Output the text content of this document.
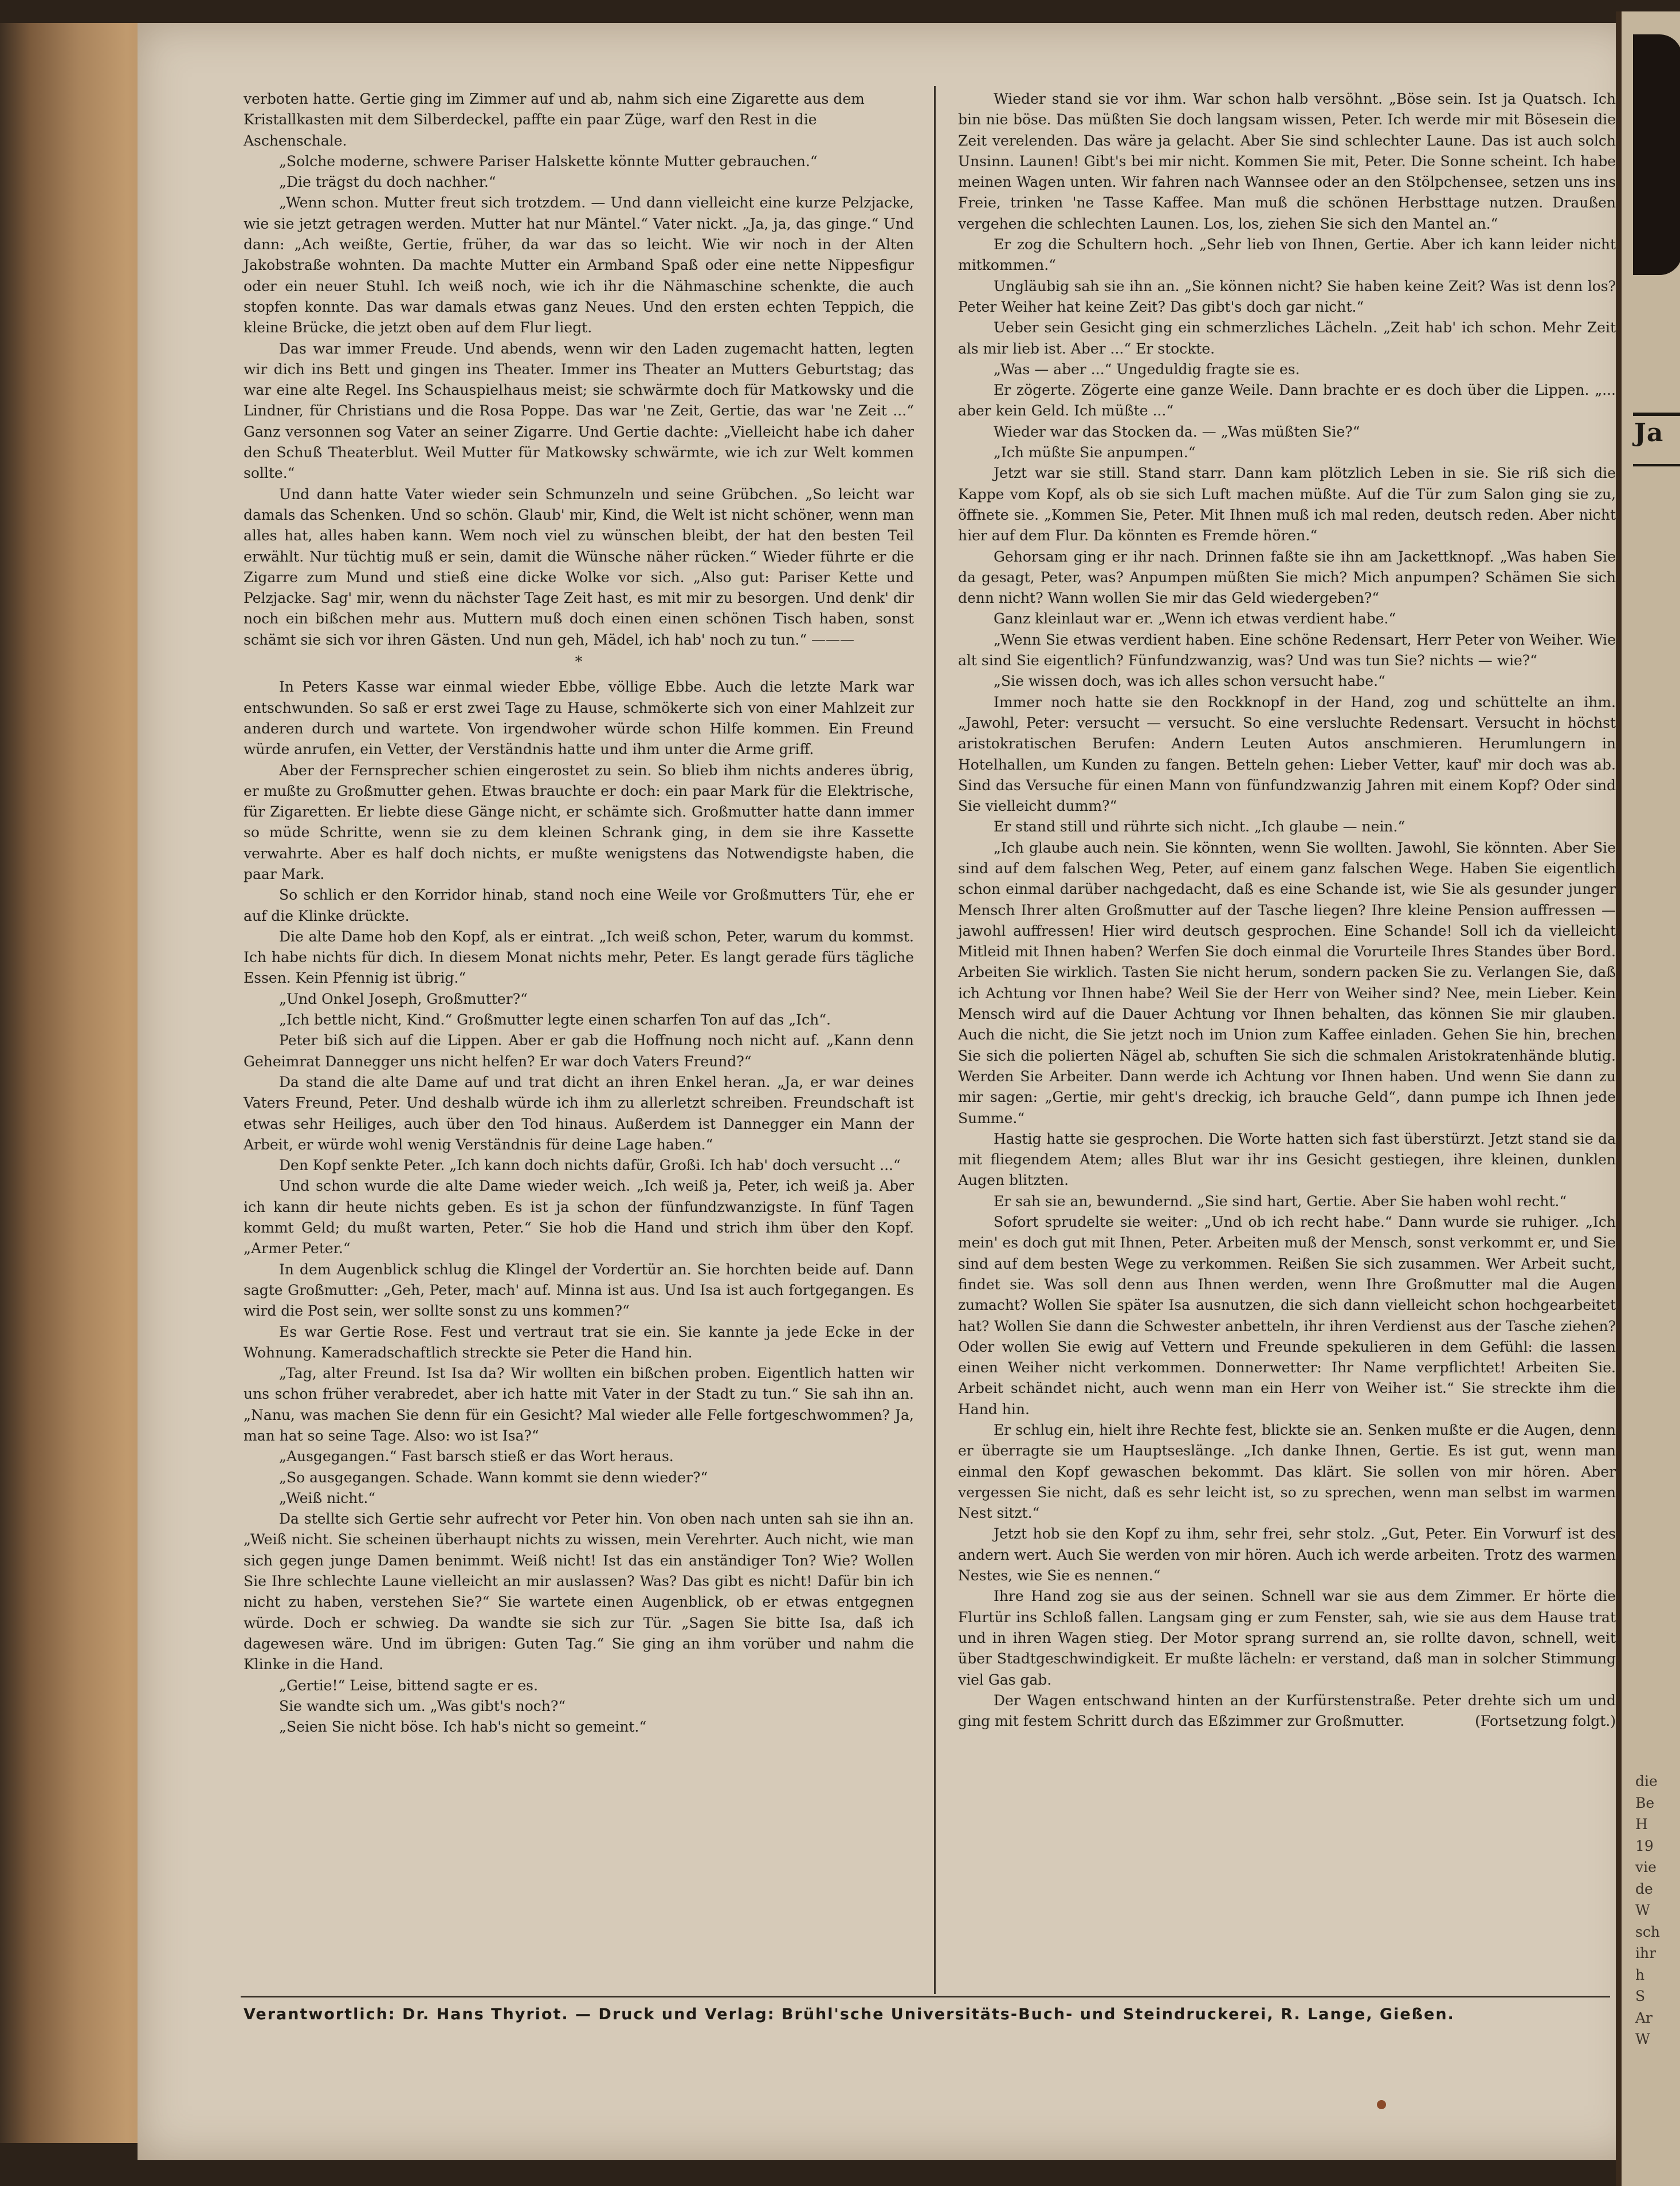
Ja
die
Be
H
19
vie
de
W
sch
ihr
h
S
Ar
W

verboten hatte. Gertie ging im Zimmer auf und ab, nahm sich eine Zigarette aus dem Kristallkasten mit dem Silberdeckel, paffte ein paar Züge, warf den Rest in die Aschenschale.

„Solche moderne, schwere Pariser Halskette könnte Mutter gebrauchen.“

„Die trägst du doch nachher.“

„Wenn schon. Mutter freut sich trotzdem. — Und dann vielleicht eine kurze Pelzjacke, wie sie jetzt getragen werden. Mutter hat nur Mäntel.“ Vater nickt. „Ja, ja, das ginge.“ Und dann: „Ach weißte, Gertie, früher, da war das so leicht. Wie wir noch in der Alten Jakobstraße wohnten. Da machte Mutter ein Armband Spaß oder eine nette Nippesfigur oder ein neuer Stuhl. Ich weiß noch, wie ich ihr die Nähmaschine schenkte, die auch stopfen konnte. Das war damals etwas ganz Neues. Und den ersten echten Teppich, die kleine Brücke, die jetzt oben auf dem Flur liegt.

Das war immer Freude. Und abends, wenn wir den Laden zugemacht hatten, legten wir dich ins Bett und gingen ins Theater. Immer ins Theater an Mutters Geburtstag; das war eine alte Regel. Ins Schauspielhaus meist; sie schwärmte doch für Matkowsky und die Lindner, für Christians und die Rosa Poppe. Das war 'ne Zeit, Gertie, das war 'ne Zeit ...“ Ganz versonnen sog Vater an seiner Zigarre. Und Gertie dachte: „Vielleicht habe ich daher den Schuß Theaterblut. Weil Mutter für Matkowsky schwärmte, wie ich zur Welt kommen sollte.“

Und dann hatte Vater wieder sein Schmunzeln und seine Grübchen. „So leicht war damals das Schenken. Und so schön. Glaub' mir, Kind, die Welt ist nicht schöner, wenn man alles hat, alles haben kann. Wem noch viel zu wünschen bleibt, der hat den besten Teil erwählt. Nur tüchtig muß er sein, damit die Wünsche näher rücken.“ Wieder führte er die Zigarre zum Mund und stieß eine dicke Wolke vor sich. „Also gut: Pariser Kette und Pelzjacke. Sag' mir, wenn du nächster Tage Zeit hast, es mit mir zu besorgen. Und denk' dir noch ein bißchen mehr aus. Muttern muß doch einen einen schönen Tisch haben, sonst schämt sie sich vor ihren Gästen. Und nun geh, Mädel, ich hab' noch zu tun.“ ———

*

In Peters Kasse war einmal wieder Ebbe, völlige Ebbe. Auch die letzte Mark war entschwunden. So saß er erst zwei Tage zu Hause, schmökerte sich von einer Mahlzeit zur anderen durch und wartete. Von irgendwoher würde schon Hilfe kommen. Ein Freund würde anrufen, ein Vetter, der Verständnis hatte und ihm unter die Arme griff.

Aber der Fernsprecher schien eingerostet zu sein. So blieb ihm nichts anderes übrig, er mußte zu Großmutter gehen. Etwas brauchte er doch: ein paar Mark für die Elektrische, für Zigaretten. Er liebte diese Gänge nicht, er schämte sich. Großmutter hatte dann immer so müde Schritte, wenn sie zu dem kleinen Schrank ging, in dem sie ihre Kassette verwahrte. Aber es half doch nichts, er mußte wenigstens das Notwendigste haben, die paar Mark.

So schlich er den Korridor hinab, stand noch eine Weile vor Großmutters Tür, ehe er auf die Klinke drückte.

Die alte Dame hob den Kopf, als er eintrat. „Ich weiß schon, Peter, warum du kommst. Ich habe nichts für dich. In diesem Monat nichts mehr, Peter. Es langt gerade fürs tägliche Essen. Kein Pfennig ist übrig.“

„Und Onkel Joseph, Großmutter?“

„Ich bettle nicht, Kind.“ Großmutter legte einen scharfen Ton auf das „Ich“.

Peter biß sich auf die Lippen. Aber er gab die Hoffnung noch nicht auf. „Kann denn Geheimrat Dannegger uns nicht helfen? Er war doch Vaters Freund?“

Da stand die alte Dame auf und trat dicht an ihren Enkel heran. „Ja, er war deines Vaters Freund, Peter. Und deshalb würde ich ihm zu allerletzt schreiben. Freundschaft ist etwas sehr Heiliges, auch über den Tod hinaus. Außerdem ist Dannegger ein Mann der Arbeit, er würde wohl wenig Verständnis für deine Lage haben.“

Den Kopf senkte Peter. „Ich kann doch nichts dafür, Großi. Ich hab' doch versucht ...“

Und schon wurde die alte Dame wieder weich. „Ich weiß ja, Peter, ich weiß ja. Aber ich kann dir heute nichts geben. Es ist ja schon der fünfundzwanzigste. In fünf Tagen kommt Geld; du mußt warten, Peter.“ Sie hob die Hand und strich ihm über den Kopf. „Armer Peter.“

In dem Augenblick schlug die Klingel der Vordertür an. Sie horchten beide auf. Dann sagte Großmutter: „Geh, Peter, mach' auf. Minna ist aus. Und Isa ist auch fortgegangen. Es wird die Post sein, wer sollte sonst zu uns kommen?“

Es war Gertie Rose. Fest und vertraut trat sie ein. Sie kannte ja jede Ecke in der Wohnung. Kameradschaftlich streckte sie Peter die Hand hin.

„Tag, alter Freund. Ist Isa da? Wir wollten ein bißchen proben. Eigentlich hatten wir uns schon früher verabredet, aber ich hatte mit Vater in der Stadt zu tun.“ Sie sah ihn an. „Nanu, was machen Sie denn für ein Gesicht? Mal wieder alle Felle fortgeschwommen? Ja, man hat so seine Tage. Also: wo ist Isa?“

„Ausgegangen.“ Fast barsch stieß er das Wort heraus.

„So ausgegangen. Schade. Wann kommt sie denn wieder?“

„Weiß nicht.“

Da stellte sich Gertie sehr aufrecht vor Peter hin. Von oben nach unten sah sie ihn an. „Weiß nicht. Sie scheinen überhaupt nichts zu wissen, mein Verehrter. Auch nicht, wie man sich gegen junge Damen benimmt. Weiß nicht! Ist das ein anständiger Ton? Wie? Wollen Sie Ihre schlechte Laune vielleicht an mir auslassen? Was? Das gibt es nicht! Dafür bin ich nicht zu haben, verstehen Sie?“ Sie wartete einen Augenblick, ob er etwas entgegnen würde. Doch er schwieg. Da wandte sie sich zur Tür. „Sagen Sie bitte Isa, daß ich dagewesen wäre. Und im übrigen: Guten Tag.“ Sie ging an ihm vorüber und nahm die Klinke in die Hand.

„Gertie!“ Leise, bittend sagte er es.

Sie wandte sich um. „Was gibt's noch?“

„Seien Sie nicht böse. Ich hab's nicht so gemeint.“

Wieder stand sie vor ihm. War schon halb versöhnt. „Böse sein. Ist ja Quatsch. Ich bin nie böse. Das müßten Sie doch langsam wissen, Peter. Ich werde mir mit Bösesein die Zeit verelenden. Das wäre ja gelacht. Aber Sie sind schlechter Laune. Das ist auch solch Unsinn. Launen! Gibt's bei mir nicht. Kommen Sie mit, Peter. Die Sonne scheint. Ich habe meinen Wagen unten. Wir fahren nach Wannsee oder an den Stölpchensee, setzen uns ins Freie, trinken 'ne Tasse Kaffee. Man muß die schönen Herbsttage nutzen. Draußen vergehen die schlechten Launen. Los, los, ziehen Sie sich den Mantel an.“

Er zog die Schultern hoch. „Sehr lieb von Ihnen, Gertie. Aber ich kann leider nicht mitkommen.“

Ungläubig sah sie ihn an. „Sie können nicht? Sie haben keine Zeit? Was ist denn los? Peter Weiher hat keine Zeit? Das gibt's doch gar nicht.“

Ueber sein Gesicht ging ein schmerzliches Lächeln. „Zeit hab' ich schon. Mehr Zeit als mir lieb ist. Aber ...“ Er stockte.

„Was — aber ...“ Ungeduldig fragte sie es.

Er zögerte. Zögerte eine ganze Weile. Dann brachte er es doch über die Lippen. „... aber kein Geld. Ich müßte ...“

Wieder war das Stocken da. — „Was müßten Sie?“

„Ich müßte Sie anpumpen.“

Jetzt war sie still. Stand starr. Dann kam plötzlich Leben in sie. Sie riß sich die Kappe vom Kopf, als ob sie sich Luft machen müßte. Auf die Tür zum Salon ging sie zu, öffnete sie. „Kommen Sie, Peter. Mit Ihnen muß ich mal reden, deutsch reden. Aber nicht hier auf dem Flur. Da könnten es Fremde hören.“

Gehorsam ging er ihr nach. Drinnen faßte sie ihn am Jackettknopf. „Was haben Sie da gesagt, Peter, was? Anpumpen müßten Sie mich? Mich anpumpen? Schämen Sie sich denn nicht? Wann wollen Sie mir das Geld wiedergeben?“

Ganz kleinlaut war er. „Wenn ich etwas verdient habe.“

„Wenn Sie etwas verdient haben. Eine schöne Redensart, Herr Peter von Weiher. Wie alt sind Sie eigentlich? Fünfundzwanzig, was? Und was tun Sie? nichts — wie?“

„Sie wissen doch, was ich alles schon versucht habe.“

Immer noch hatte sie den Rockknopf in der Hand, zog und schüttelte an ihm. „Jawohl, Peter: versucht — versucht. So eine versluchte Redensart. Versucht in höchst aristokratischen Berufen: Andern Leuten Autos anschmieren. Herumlungern in Hotelhallen, um Kunden zu fangen. Betteln gehen: Lieber Vetter, kauf' mir doch was ab. Sind das Versuche für einen Mann von fünfundzwanzig Jahren mit einem Kopf? Oder sind Sie vielleicht dumm?“

Er stand still und rührte sich nicht. „Ich glaube — nein.“

„Ich glaube auch nein. Sie könnten, wenn Sie wollten. Jawohl, Sie könnten. Aber Sie sind auf dem falschen Weg, Peter, auf einem ganz falschen Wege. Haben Sie eigentlich schon einmal darüber nachgedacht, daß es eine Schande ist, wie Sie als gesunder junger Mensch Ihrer alten Großmutter auf der Tasche liegen? Ihre kleine Pension auffressen — jawohl auffressen! Hier wird deutsch gesprochen. Eine Schande! Soll ich da vielleicht Mitleid mit Ihnen haben? Werfen Sie doch einmal die Vorurteile Ihres Standes über Bord. Arbeiten Sie wirklich. Tasten Sie nicht herum, sondern packen Sie zu. Verlangen Sie, daß ich Achtung vor Ihnen habe? Weil Sie der Herr von Weiher sind? Nee, mein Lieber. Kein Mensch wird auf die Dauer Achtung vor Ihnen behalten, das können Sie mir glauben. Auch die nicht, die Sie jetzt noch im Union zum Kaffee einladen. Gehen Sie hin, brechen Sie sich die polierten Nägel ab, schuften Sie sich die schmalen Aristokratenhände blutig. Werden Sie Arbeiter. Dann werde ich Achtung vor Ihnen haben. Und wenn Sie dann zu mir sagen: „Gertie, mir geht's dreckig, ich brauche Geld“, dann pumpe ich Ihnen jede Summe.“

Hastig hatte sie gesprochen. Die Worte hatten sich fast überstürzt. Jetzt stand sie da mit fliegendem Atem; alles Blut war ihr ins Gesicht gestiegen, ihre kleinen, dunklen Augen blitzten.

Er sah sie an, bewundernd. „Sie sind hart, Gertie. Aber Sie haben wohl recht.“

Sofort sprudelte sie weiter: „Und ob ich recht habe.“ Dann wurde sie ruhiger. „Ich mein' es doch gut mit Ihnen, Peter. Arbeiten muß der Mensch, sonst verkommt er, und Sie sind auf dem besten Wege zu verkommen. Reißen Sie sich zusammen. Wer Arbeit sucht, findet sie. Was soll denn aus Ihnen werden, wenn Ihre Großmutter mal die Augen zumacht? Wollen Sie später Isa ausnutzen, die sich dann vielleicht schon hochgearbeitet hat? Wollen Sie dann die Schwester anbetteln, ihr ihren Verdienst aus der Tasche ziehen? Oder wollen Sie ewig auf Vettern und Freunde spekulieren in dem Gefühl: die lassen einen Weiher nicht verkommen. Donnerwetter: Ihr Name verpflichtet! Arbeiten Sie. Arbeit schändet nicht, auch wenn man ein Herr von Weiher ist.“ Sie streckte ihm die Hand hin.

Er schlug ein, hielt ihre Rechte fest, blickte sie an. Senken mußte er die Augen, denn er überragte sie um Hauptseslänge. „Ich danke Ihnen, Gertie. Es ist gut, wenn man einmal den Kopf gewaschen bekommt. Das klärt. Sie sollen von mir hören. Aber vergessen Sie nicht, daß es sehr leicht ist, so zu sprechen, wenn man selbst im warmen Nest sitzt.“

Jetzt hob sie den Kopf zu ihm, sehr frei, sehr stolz. „Gut, Peter. Ein Vorwurf ist des andern wert. Auch Sie werden von mir hören. Auch ich werde arbeiten. Trotz des warmen Nestes, wie Sie es nennen.“

Ihre Hand zog sie aus der seinen. Schnell war sie aus dem Zimmer. Er hörte die Flurtür ins Schloß fallen. Langsam ging er zum Fenster, sah, wie sie aus dem Hause trat und in ihren Wagen stieg. Der Motor sprang surrend an, sie rollte davon, schnell, weit über Stadtgeschwindigkeit. Er mußte lächeln: er verstand, daß man in solcher Stimmung viel Gas gab.

Der Wagen entschwand hinten an der Kurfürstenstraße. Peter drehte sich um und ging mit festem Schritt durch das Eßzimmer zur Großmutter.	(Fortsetzung folgt.)

Verantwortlich: Dr. Hans Thyriot. — Druck und Verlag: Brühl'sche Universitäts-Buch- und Steindruckerei, R. Lange, Gießen.
